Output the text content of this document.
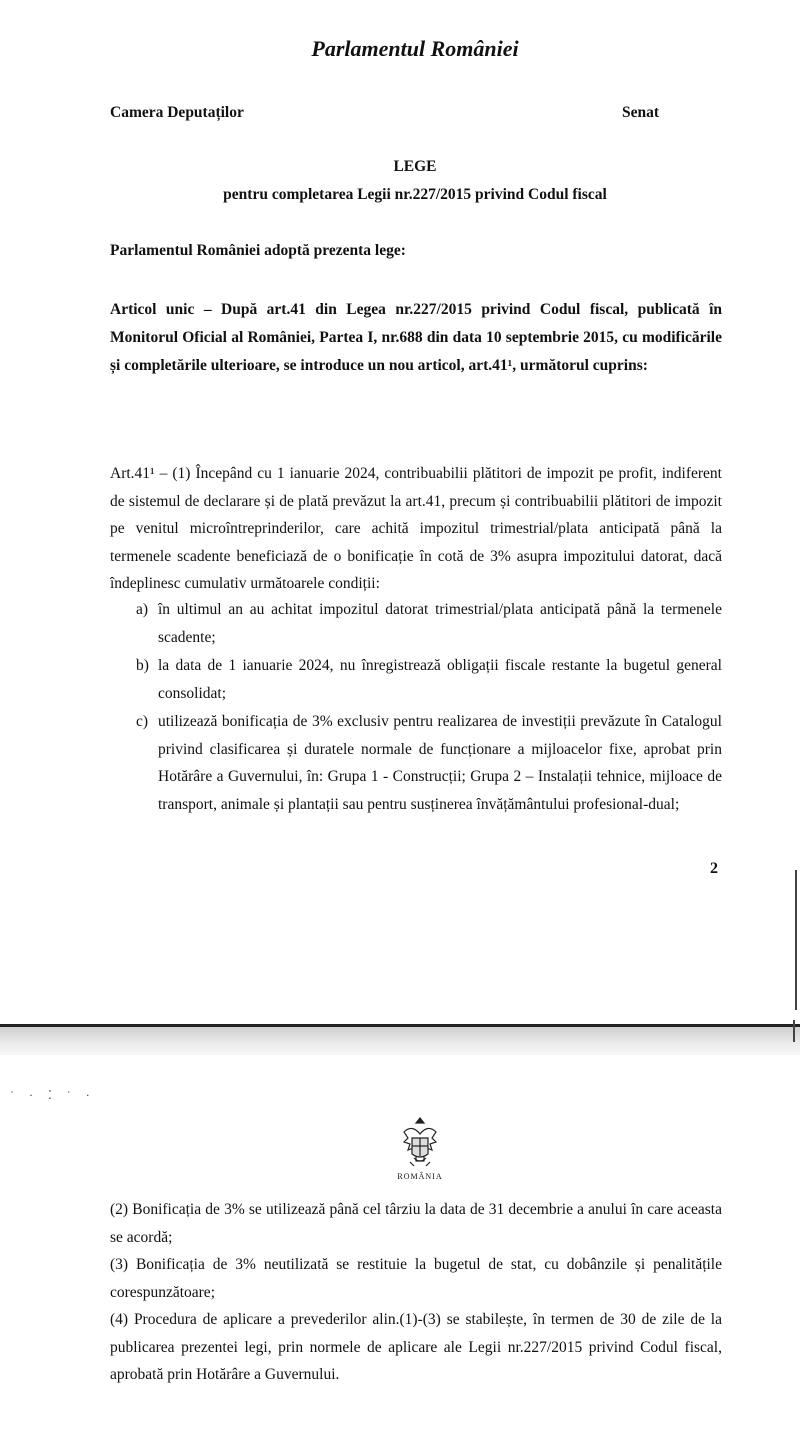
Parlamentul României
Camera Deputaților	Senat
LEGE
pentru completarea Legii nr.227/2015 privind Codul fiscal
Parlamentul României adoptă prezenta lege:
Articol unic – După art.41 din Legea nr.227/2015 privind Codul fiscal, publicată în Monitorul Oficial al României, Partea I, nr.688 din data 10 septembrie 2015, cu modificările și completările ulterioare, se introduce un nou articol, art.41¹, următorul cuprins:
Art.41¹ – (1) Începând cu 1 ianuarie 2024, contribuabilii plătitori de impozit pe profit, indiferent de sistemul de declarare și de plată prevăzut la art.41, precum și contribuabilii plătitori de impozit pe venitul microîntreprinderilor, care achită impozitul trimestrial/plata anticipată până la termenele scadente beneficiază de o bonificație în cotă de 3% asupra impozitului datorat, dacă îndeplinesc cumulativ următoarele condiții:
a) în ultimul an au achitat impozitul datorat trimestrial/plata anticipată până la termenele scadente;
b) la data de 1 ianuarie 2024, nu înregistrează obligații fiscale restante la bugetul general consolidat;
c) utilizează bonificația de 3% exclusiv pentru realizarea de investiții prevăzute în Catalogul privind clasificarea și duratele normale de funcționare a mijloacelor fixe, aprobat prin Hotărâre a Guvernului, în: Grupa 1 - Construcții; Grupa 2 – Instalații tehnice, mijloace de transport, animale și plantații sau pentru susținerea învățământului profesional-dual;
2
˙ · ⁚ ˙ ·
ROMÂNIA
(2) Bonificația de 3% se utilizează până cel târziu la data de 31 decembrie a anului în care aceasta se acordă;
(3) Bonificația de 3% neutilizată se restituie la bugetul de stat, cu dobânzile și penalitățile corespunzătoare;
(4) Procedura de aplicare a prevederilor alin.(1)-(3) se stabilește, în termen de 30 de zile de la publicarea prezentei legi, prin normele de aplicare ale Legii nr.227/2015 privind Codul fiscal, aprobată prin Hotărâre a Guvernului.
